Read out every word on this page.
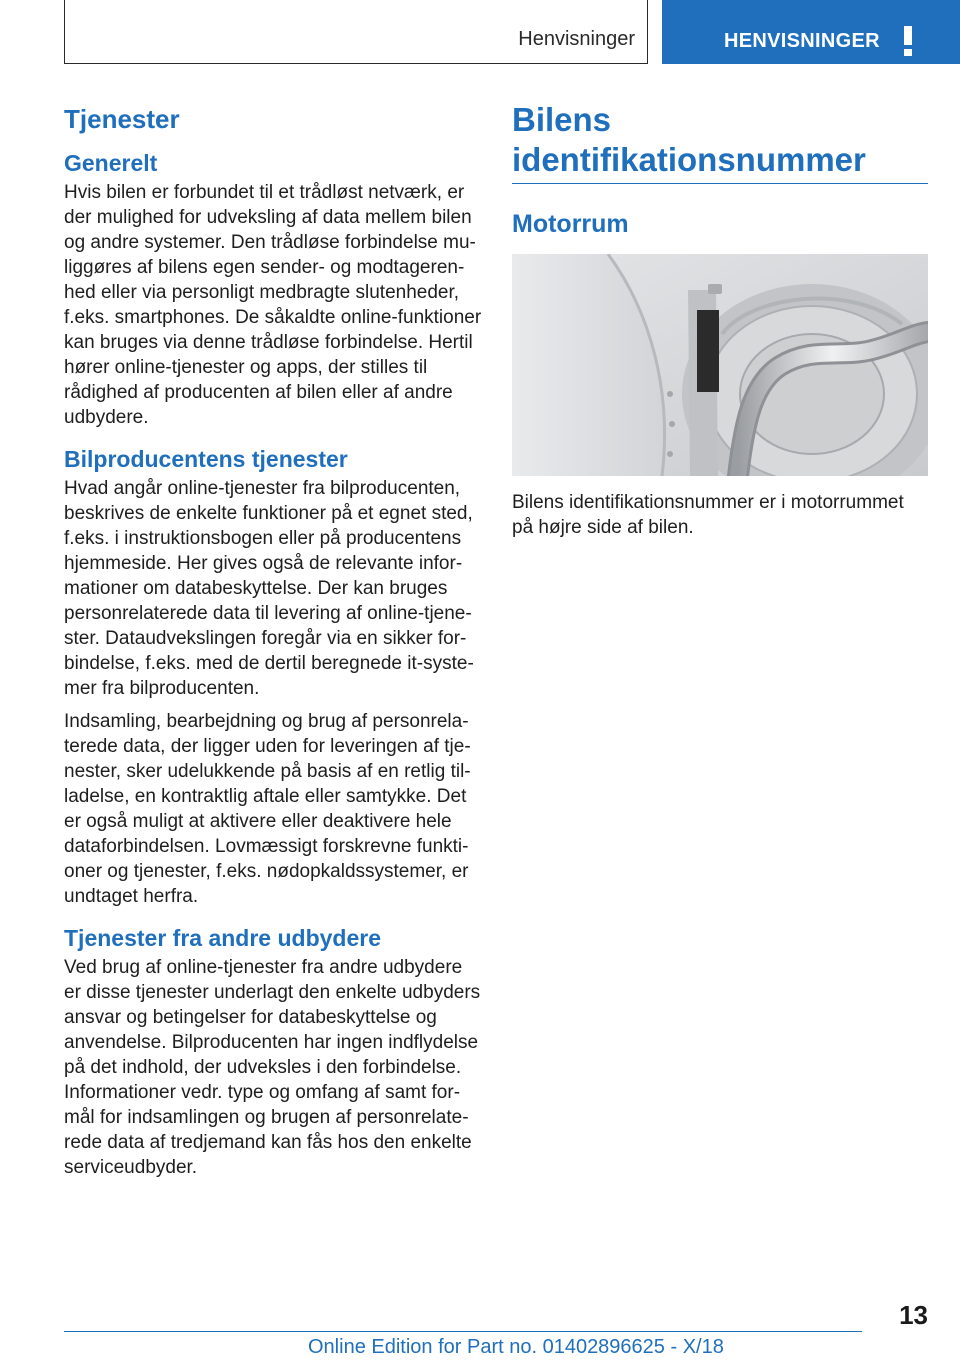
Henvisninger	HENVISNINGER
Tjenester
Generelt

Hvis bilen er forbundet til et trådløst netværk, er der mulighed for udveksling af data mellem bilen og andre systemer. Den trådløse forbindelse muliggøres af bilens egen sender- og modtagerenhed eller via personligt medbragte slutenheder, f.eks. smartphones. De såkaldte online-funktioner kan bruges via denne trådløse forbindelse. Hertil hører online-tjenester og apps, der stilles til rådighed af producenten af bilen eller af andre udbydere.

Bilproducentens tjenester

Hvad angår online-tjenester fra bilproducenten, beskrives de enkelte funktioner på et egnet sted, f.eks. i instruktionsbogen eller på producentens hjemmeside. Her gives også de relevante informationer om databeskyttelse. Der kan bruges personrelaterede data til levering af online-tjenester. Dataudvekslingen foregår via en sikker forbindelse, f.eks. med de dertil beregnede it-systemer fra bilproducenten.

Indsamling, bearbejdning og brug af personrelaterede data, der ligger uden for leveringen af tjenester, sker udelukkende på basis af en retlig tilladelse, en kontraktlig aftale eller samtykke. Det er også muligt at aktivere eller deaktivere hele dataforbindelsen. Lovmæssigt forskrevne funktioner og tjenester, f.eks. nødopkaldssystemer, er undtaget herfra.

Tjenester fra andre udbydere

Ved brug af online-tjenester fra andre udbydere er disse tjenester underlagt den enkelte udbyders ansvar og betingelser for databeskyttelse og anvendelse. Bilproducenten har ingen indflydelse på det indhold, der udveksles i den forbindelse. Informationer vedr. type og omfang af samt formål for indsamlingen og brugen af personrelaterede data af tredjemand kan fås hos den enkelte serviceudbyder.

Bilens identifikationsnummer
Motorrum

Bilens identifikationsnummer er i motorrummet på højre side af bilen.

13
Online Edition for Part no. 01402896625 - X/18
